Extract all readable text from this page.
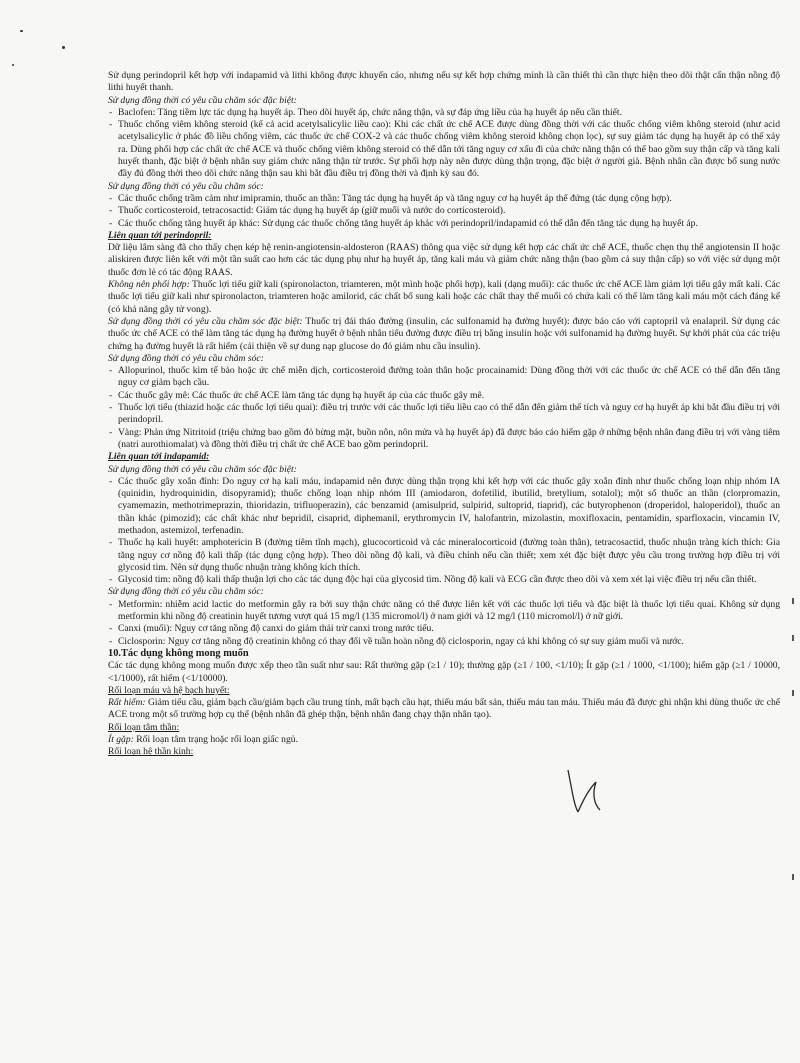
Sử dụng perindopril kết hợp với indapamid và lithi không được khuyến cáo, nhưng nếu sự kết hợp chứng minh là cần thiết thì cần thực hiện theo dõi thật cẩn thận nồng độ lithi huyết thanh.

Sử dụng đồng thời có yêu cầu chăm sóc đặc biệt:

- Baclofen: Tăng tiềm lực tác dụng hạ huyết áp. Theo dõi huyết áp, chức năng thận, và sự đáp ứng liều của hạ huyết áp nếu cần thiết.
- Thuốc chống viêm không steroid (kể cả acid acetylsalicylic liều cao): Khi các chất ức chế ACE được dùng đồng thời với các thuốc chống viêm không steroid (như acid acetylsalicylic ở phác đồ liều chống viêm, các thuốc ức chế COX-2 và các thuốc chống viêm không steroid không chọn lọc), sự suy giảm tác dụng hạ huyết áp có thể xảy ra. Dùng phối hợp các chất ức chế ACE và thuốc chống viêm không steroid có thể dẫn tới tăng nguy cơ xấu đi của chức năng thận có thể bao gồm suy thận cấp và tăng kali huyết thanh, đặc biệt ở bệnh nhân suy giảm chức năng thận từ trước. Sự phối hợp này nên được dùng thận trọng, đặc biệt ở người già. Bệnh nhân cần được bổ sung nước đầy đủ đồng thời theo dõi chức năng thận sau khi bắt đầu điều trị đồng thời và định kỳ sau đó.

Sử dụng đồng thời có yêu cầu chăm sóc:

- Các thuốc chống trầm cảm như imipramin, thuốc an thần: Tăng tác dụng hạ huyết áp và tăng nguy cơ hạ huyết áp thế đứng (tác dụng cộng hợp).
- Thuốc corticosteroid, tetracosactid: Giảm tác dụng hạ huyết áp (giữ muối và nước do corticosteroid).
- Các thuốc chống tăng huyết áp khác: Sử dụng các thuốc chống tăng huyết áp khác với perindopril/indapamid có thể dẫn đến tăng tác dụng hạ huyết áp.

Liên quan tới perindopril:

Dữ liệu lâm sàng đã cho thấy chẹn kép hệ renin-angiotensin-aldosteron (RAAS) thông qua việc sử dụng kết hợp các chất ức chế ACE, thuốc chẹn thụ thể angiotensin II hoặc aliskiren được liên kết với một tần suất cao hơn các tác dụng phụ như hạ huyết áp, tăng kali máu và giảm chức năng thận (bao gồm cả suy thận cấp) so với việc sử dụng một thuốc đơn lẻ có tác động RAAS.

Không nên phối hợp: Thuốc lợi tiểu giữ kali (spironolacton, triamteren, một mình hoặc phối hợp), kali (dạng muối): các thuốc ức chế ACE làm giảm lợi tiểu gây mất kali. Các thuốc lợi tiểu giữ kali như spironolacton, triamteren hoặc amilorid, các chất bổ sung kali hoặc các chất thay thế muối có chứa kali có thể làm tăng kali máu một cách đáng kể (có khả năng gây tử vong).

Sử dụng đồng thời có yêu cầu chăm sóc đặc biệt: Thuốc trị đái tháo đường (insulin, các sulfonamid hạ đường huyết): được báo cáo với captopril và enalapril. Sử dụng các thuốc ức chế ACE có thể làm tăng tác dụng hạ đường huyết ở bệnh nhân tiểu đường được điều trị bằng insulin hoặc với sulfonamid hạ đường huyết. Sự khởi phát của các triệu chứng hạ đường huyết là rất hiếm (cải thiện về sự dung nạp glucose do đó giảm nhu cầu insulin).

Sử dụng đồng thời có yêu cầu chăm sóc:

- Allopurinol, thuốc kìm tế bào hoặc ức chế miễn dịch, corticosteroid đường toàn thân hoặc procainamid: Dùng đồng thời với các thuốc ức chế ACE có thể dẫn đến tăng nguy cơ giảm bạch cầu.
- Các thuốc gây mê: Các thuốc ức chế ACE làm tăng tác dụng hạ huyết áp của các thuốc gây mê.
- Thuốc lợi tiểu (thiazid hoặc các thuốc lợi tiểu quai): điều trị trước với các thuốc lợi tiểu liều cao có thể dẫn đến giảm thể tích và nguy cơ hạ huyết áp khi bắt đầu điều trị với perindopril.
- Vàng: Phản ứng Nitritoid (triệu chứng bao gồm đỏ bừng mặt, buồn nôn, nôn mửa và hạ huyết áp) đã được báo cáo hiếm gặp ở những bệnh nhân đang điều trị với vàng tiêm (natri aurothiomalat) và đồng thời điều trị chất ức chế ACE bao gồm perindopril.

Liên quan tới indapamid:

Sử dụng đồng thời có yêu cầu chăm sóc đặc biệt:

- Các thuốc gây xoắn đỉnh: Do nguy cơ hạ kali máu, indapamid nên được dùng thận trọng khi kết hợp với các thuốc gây xoắn đỉnh như thuốc chống loạn nhịp nhóm IA (quinidin, hydroquinidin, disopyramid); thuốc chống loạn nhịp nhóm III (amiodaron, dofetilid, ibutilid, bretylium, sotalol); một số thuốc an thần (clorpromazin, cyamemazin, methotrimeprazin, thioridazin, trifluoperazin), các benzamid (amisulprid, sulpirid, sultoprid, tiaprid), các butyrophenon (droperidol, haloperidol), thuốc an thần khác (pimozid); các chất khác như bepridil, cisaprid, diphemanil, erythromycin IV, halofantrin, mizolastin, moxifloxacin, pentamidin, sparfloxacin, vincamin IV, methadon, astemizol, terfenadin.
- Thuốc hạ kali huyết: amphotericin B (đường tiêm tĩnh mạch), glucocorticoid và các mineralocorticoid (đường toàn thân), tetracosactid, thuốc nhuận tràng kích thích: Gia tăng nguy cơ nồng độ kali thấp (tác dụng cộng hợp). Theo dõi nồng độ kali, và điều chỉnh nếu cần thiết; xem xét đặc biệt được yêu cầu trong trường hợp điều trị với glycosid tim. Nên sử dụng thuốc nhuận tràng không kích thích.
- Glycosid tim: nồng độ kali thấp thuận lợi cho các tác dụng độc hại của glycosid tim. Nồng độ kali và ECG cần được theo dõi và xem xét lại việc điều trị nếu cần thiết.

Sử dụng đồng thời có yêu cầu chăm sóc:

- Metformin: nhiễm acid lactic do metformin gây ra bởi suy thận chức năng có thể được liên kết với các thuốc lợi tiểu và đặc biệt là thuốc lợi tiểu quai. Không sử dụng metformin khi nồng độ creatinin huyết tương vượt quá 15 mg/l (135 micromol/l) ở nam giới và 12 mg/l (110 micromol/l) ở nữ giới.
- Canxi (muối): Nguy cơ tăng nồng độ canxi do giảm thải trừ canxi trong nước tiểu.
- Ciclosporin: Nguy cơ tăng nồng độ creatinin không có thay đổi về tuần hoàn nồng độ ciclosporin, ngay cả khi không có sự suy giảm muối và nước.

10.Tác dụng không mong muốn

Các tác dụng không mong muốn được xếp theo tần suất như sau: Rất thường gặp (≥1 / 10); thường gặp (≥1 / 100, <1/10); Ít gặp (≥1 / 1000, <1/100); hiếm gặp (≥1 / 10000, <1/1000), rất hiếm (<1/10000).

Rối loạn máu và hệ bạch huyết:

Rất hiếm: Giảm tiểu cầu, giảm bạch cầu/giảm bạch cầu trung tính, mất bạch cầu hạt, thiếu máu bất sản, thiếu máu tan máu. Thiếu máu đã được ghi nhận khi dùng thuốc ức chế ACE trong một số trường hợp cụ thể (bệnh nhân đã ghép thận, bệnh nhân đang chạy thận nhân tạo).

Rối loạn tâm thần:

Ít gặp: Rối loạn tâm trạng hoặc rối loạn giấc ngủ.

Rối loạn hệ thần kinh:
